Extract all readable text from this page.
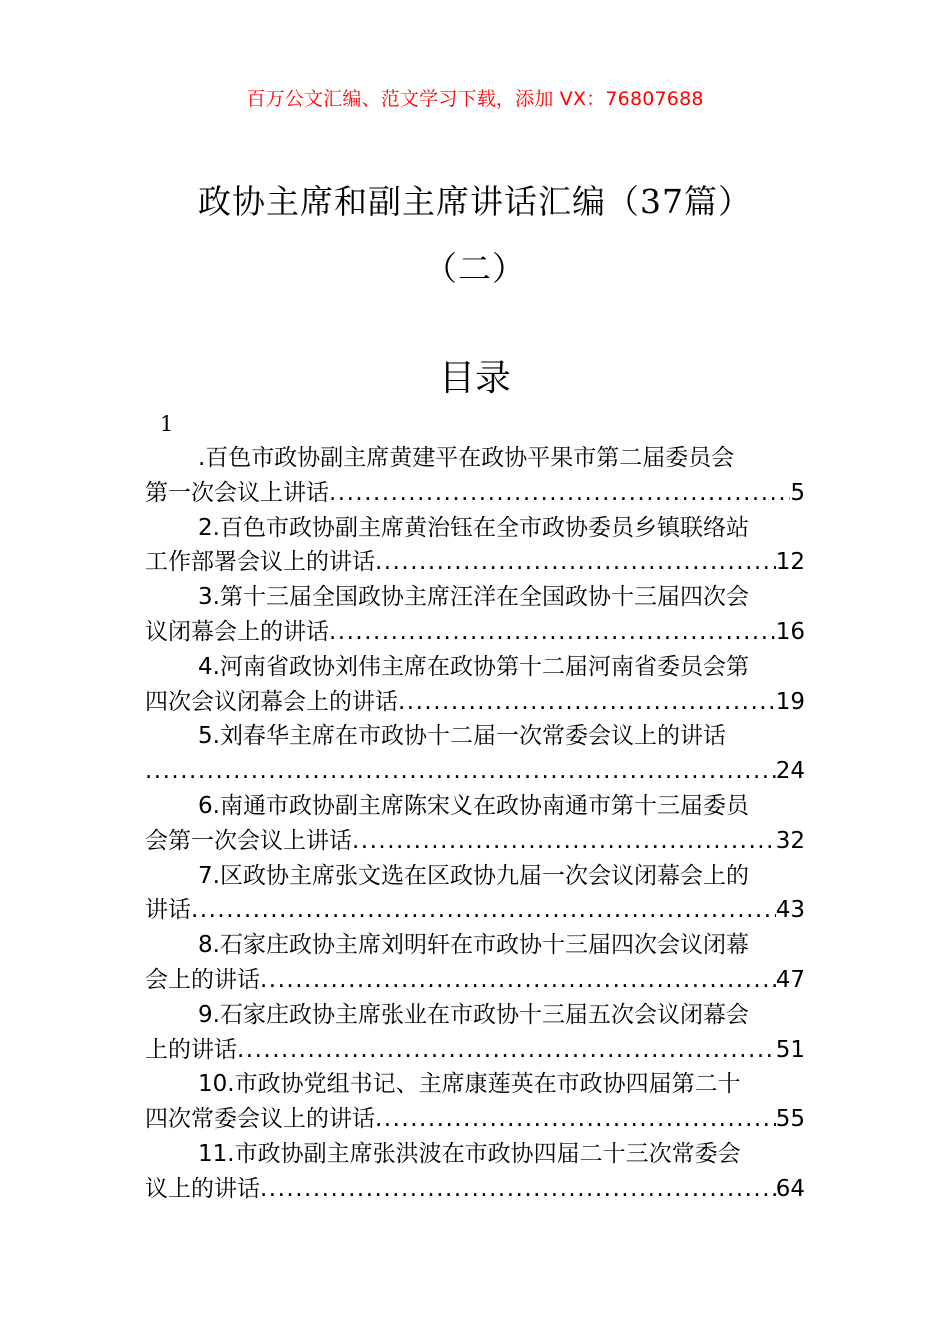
百万公文汇编、范文学习下载，添加 VX：76807688
政协主席和副主席讲话汇编（37篇）
（二）
目录
1
.百色市政协副主席黄建平在政协平果市第二届委员会
第一次会议上讲话 .....	5
2.百色市政协副主席黄治钰在全市政协委员乡镇联络站
工作部署会议上的讲话 .....	12
3.第十三届全国政协主席汪洋在全国政协十三届四次会
议闭幕会上的讲话 .....	16
4.河南省政协刘伟主席在政协第十二届河南省委员会第
四次会议闭幕会上的讲话 .....	19
5.刘春华主席在市政协十二届一次常委会议上的讲话
.....
24
6.南通市政协副主席陈宋义在政协南通市第十三届委员
会第一次会议上讲话 .....	32
7.区政协主席张文选在区政协九届一次会议闭幕会上的
讲话 .....	43
8.石家庄政协主席刘明轩在市政协十三届四次会议闭幕
会上的讲话 .....	47
9.石家庄政协主席张业在市政协十三届五次会议闭幕会
上的讲话 .....	51
10.市政协党组书记、主席康莲英在市政协四届第二十
四次常委会议上的讲话 .....	55
11.市政协副主席张洪波在市政协四届二十三次常委会
议上的讲话 .....	64
